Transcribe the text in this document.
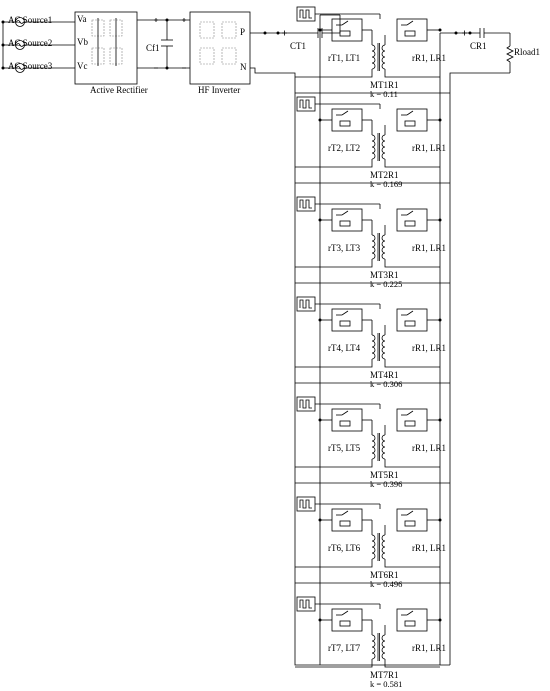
AC Source1
AC Source2
AC Source3
Va
Vb
Vc
Active Rectifier
Cf1
HF Inverter
P
N
CT1	CR1
Rload1
rT1, LT1	rR1, LR1
MT1R1
k = 0.11
rT2, LT2	rR1, LR1
MT2R1
k = 0.169
rT3, LT3	rR1, LR1
MT3R1
k = 0.225
rT4, LT4	rR1, LR1
MT4R1
k = 0.306
rT5, LT5	rR1, LR1
MT5R1
k = 0.396
rT6, LT6	rR1, LR1
MT6R1
k = 0.496
rT7, LT7	rR1, LR1
MT7R1
k = 0.581
